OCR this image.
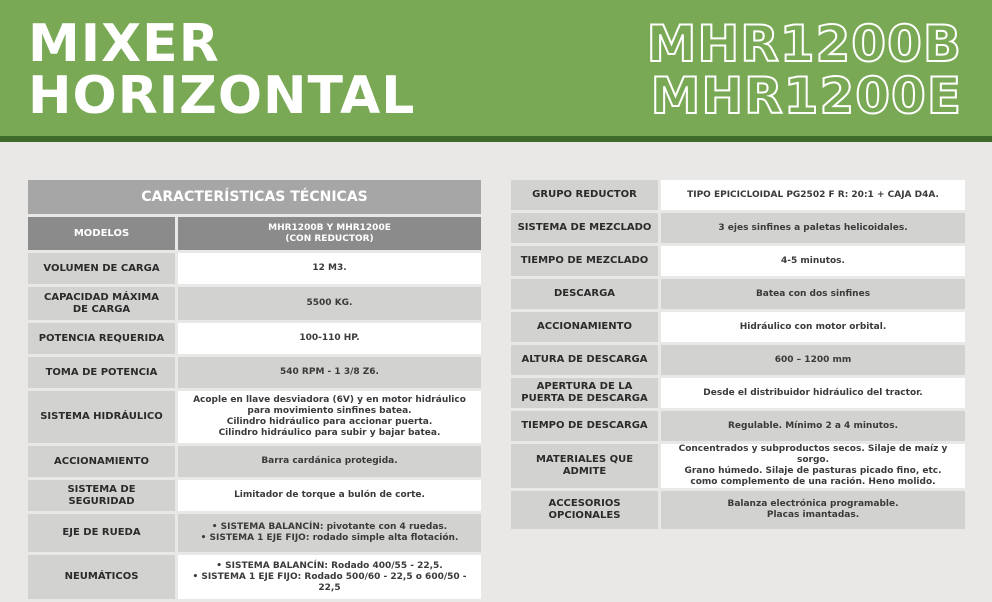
MIXER
HORIZONTAL
MHR1200B
MHR1200E
CARACTERÍSTICAS TÉCNICAS	
MODELOS	MHR1200B Y MHR1200E
(CON REDUCTOR)
VOLUMEN DE CARGA	12 M3.
CAPACIDAD MÁXIMA
DE CARGA	5500 KG.
POTENCIA REQUERIDA	100-110 HP.
TOMA DE POTENCIA	540 RPM - 1 3/8 Z6.
SISTEMA HIDRÁULICO	Acople en llave desviadora (6V) y en motor hidráulico
para movimiento sinfines batea.
Cilindro hidráulico para accionar puerta.
Cilindro hidráulico para subir y bajar batea.
ACCIONAMIENTO	Barra cardánica protegida.
SISTEMA DE SEGURIDAD	Limitador de torque a bulón de corte.
EJE DE RUEDA	• SISTEMA BALANCÍN: pivotante con 4 ruedas.
• SISTEMA 1 EJE FIJO: rodado simple alta flotación.
NEUMÁTICOS	• SISTEMA BALANCÍN: Rodado 400/55 - 22,5.
• SISTEMA 1 EJE FIJO: Rodado 500/60 - 22,5 o 600/50 - 22,5
GRUPO REDUCTOR	TIPO EPICICLOIDAL PG2502 F R: 20:1 + CAJA D4A.
SISTEMA DE MEZCLADO	3 ejes sinfines a paletas helicoidales.
TIEMPO DE MEZCLADO	4-5 minutos.
DESCARGA	Batea con dos sinfines
ACCIONAMIENTO	Hidráulico con motor orbital.
ALTURA DE DESCARGA	600 – 1200 mm
APERTURA DE LA
PUERTA DE DESCARGA	Desde el distribuidor hidráulico del tractor.
TIEMPO DE DESCARGA	Regulable. Mínimo 2 a 4 minutos.
MATERIALES QUE
ADMITE	Concentrados y subproductos secos. Silaje de maíz y sorgo.
Grano húmedo. Silaje de pasturas picado fino, etc.
como complemento de una ración. Heno molido.
ACCESORIOS OPCIONALES	Balanza electrónica programable.
Placas imantadas.
